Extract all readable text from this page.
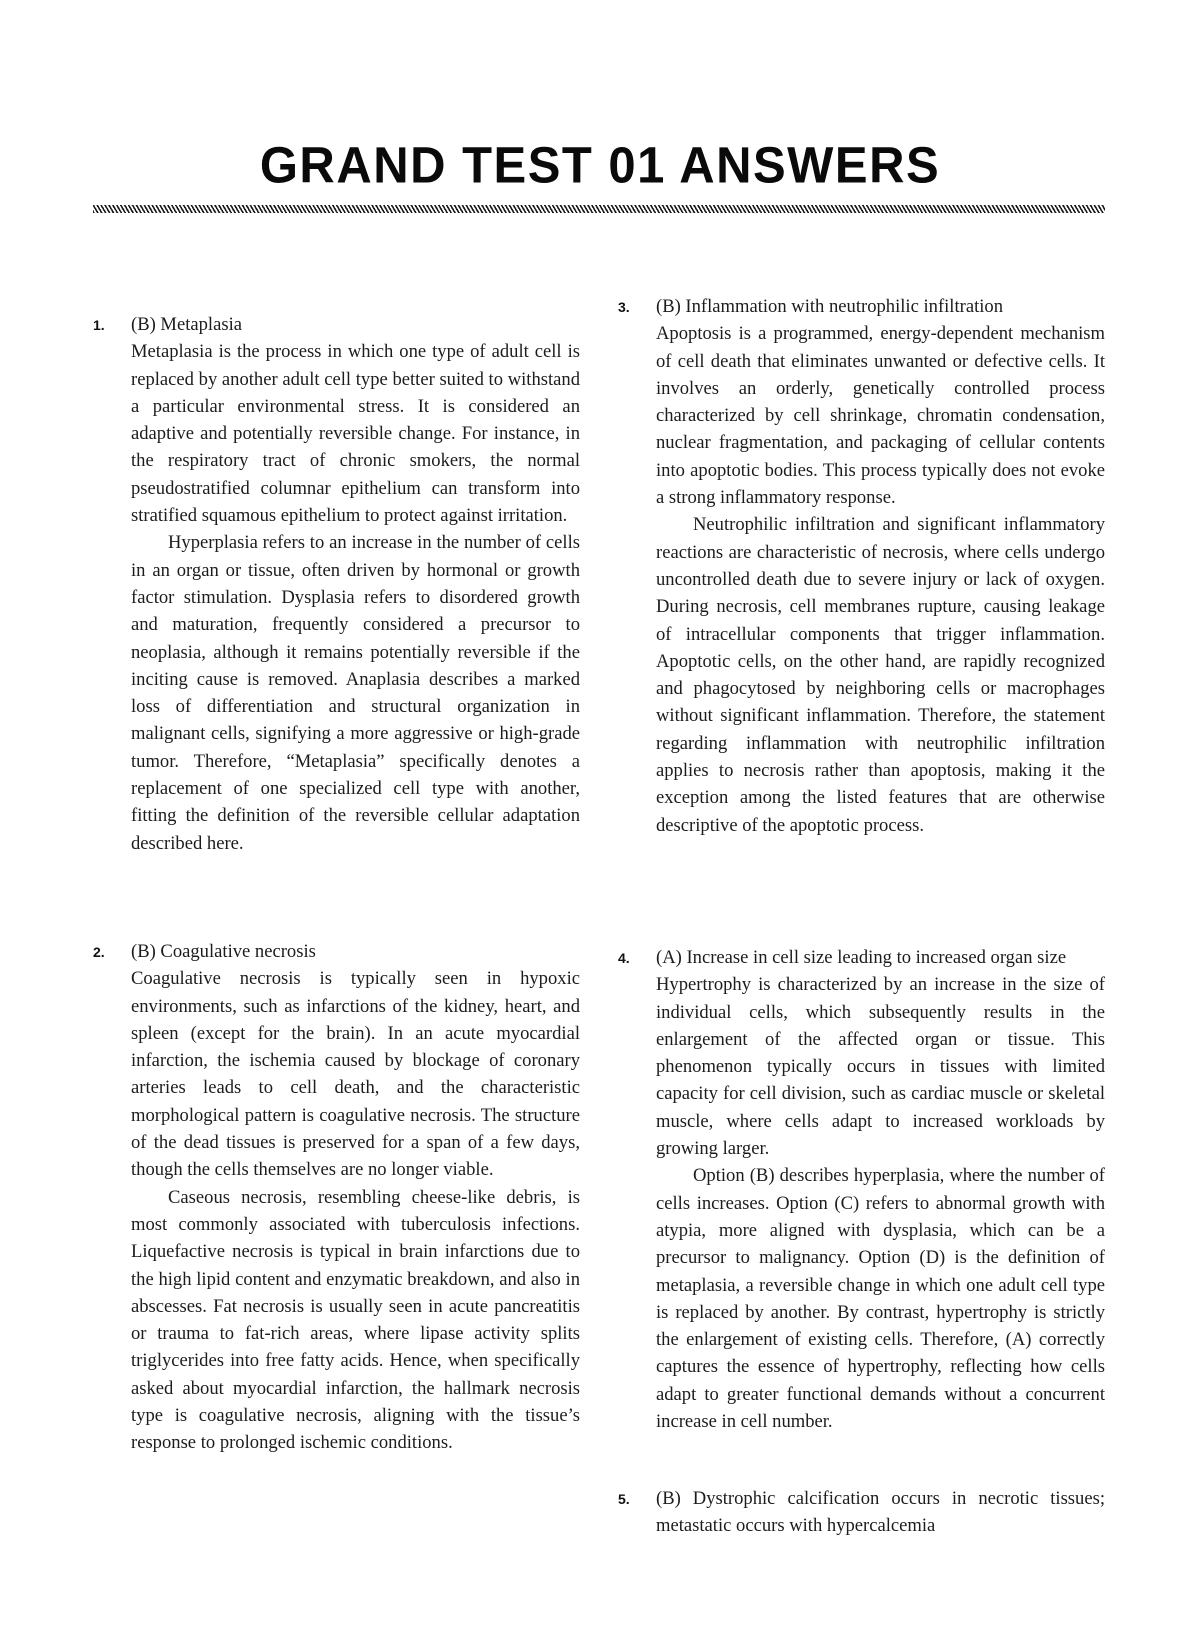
GRAND TEST 01 ANSWERS
1. (B) Metaplasia

Metaplasia is the process in which one type of adult cell is replaced by another adult cell type better suited to withstand a particular environmental stress. It is considered an adaptive and potentially reversible change. For instance, in the respiratory tract of chronic smokers, the normal pseudostratified columnar epithelium can transform into stratified squamous epithelium to protect against irritation.

Hyperplasia refers to an increase in the number of cells in an organ or tissue, often driven by hormonal or growth factor stimulation. Dysplasia refers to disordered growth and maturation, frequently considered a precursor to neoplasia, although it remains potentially reversible if the inciting cause is removed. Anaplasia describes a marked loss of differentiation and structural organization in malignant cells, signifying a more aggressive or high-grade tumor. Therefore, “Metaplasia” specifically denotes a replacement of one specialized cell type with another, fitting the definition of the reversible cellular adaptation described here.

2. (B) Coagulative necrosis

Coagulative necrosis is typically seen in hypoxic environments, such as infarctions of the kidney, heart, and spleen (except for the brain). In an acute myocardial infarction, the ischemia caused by blockage of coronary arteries leads to cell death, and the characteristic morphological pattern is coagulative necrosis. The structure of the dead tissues is preserved for a span of a few days, though the cells themselves are no longer viable.

Caseous necrosis, resembling cheese-like debris, is most commonly associated with tuberculosis infections. Liquefactive necrosis is typical in brain infarctions due to the high lipid content and enzymatic breakdown, and also in abscesses. Fat necrosis is usually seen in acute pancreatitis or trauma to fat-rich areas, where lipase activity splits triglycerides into free fatty acids. Hence, when specifically asked about myocardial infarction, the hallmark necrosis type is coagulative necrosis, aligning with the tissue’s response to prolonged ischemic conditions.

3. (B) Inflammation with neutrophilic infiltration

Apoptosis is a programmed, energy-dependent mechanism of cell death that eliminates unwanted or defective cells. It involves an orderly, genetically controlled process characterized by cell shrinkage, chromatin condensation, nuclear fragmentation, and packaging of cellular contents into apoptotic bodies. This process typically does not evoke a strong inflammatory response.

Neutrophilic infiltration and significant inflammatory reactions are characteristic of necrosis, where cells undergo uncontrolled death due to severe injury or lack of oxygen. During necrosis, cell membranes rupture, causing leakage of intracellular components that trigger inflammation. Apoptotic cells, on the other hand, are rapidly recognized and phagocytosed by neighboring cells or macrophages without significant inflammation. Therefore, the statement regarding inflammation with neutrophilic infiltration applies to necrosis rather than apoptosis, making it the exception among the listed features that are otherwise descriptive of the apoptotic process.

4. (A) Increase in cell size leading to increased organ size

Hypertrophy is characterized by an increase in the size of individual cells, which subsequently results in the enlargement of the affected organ or tissue. This phenomenon typically occurs in tissues with limited capacity for cell division, such as cardiac muscle or skeletal muscle, where cells adapt to increased workloads by growing larger.

Option (B) describes hyperplasia, where the number of cells increases. Option (C) refers to abnormal growth with atypia, more aligned with dysplasia, which can be a precursor to malignancy. Option (D) is the definition of metaplasia, a reversible change in which one adult cell type is replaced by another. By contrast, hypertrophy is strictly the enlargement of existing cells. Therefore, (A) correctly captures the essence of hypertrophy, reflecting how cells adapt to greater functional demands without a concurrent increase in cell number.

5. (B) Dystrophic calcification occurs in necrotic tissues; metastatic occurs with hypercalcemia
